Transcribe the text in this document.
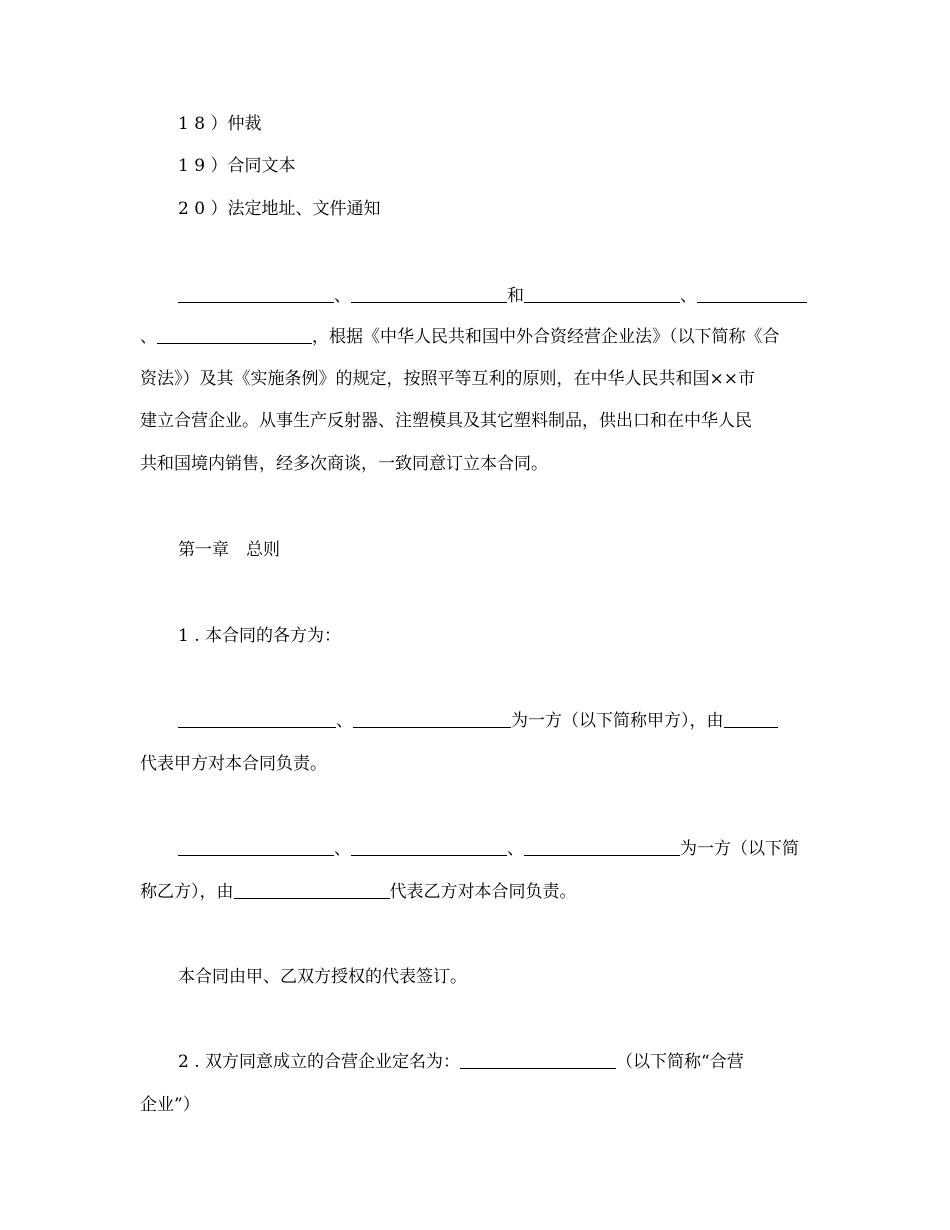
1 8 ）仲裁
1 9 ）合同文本
2 0 ）法定地址、文件通知
、	和	、
、	，根据《中华人民共和国中外合资经营企业法》（以下简称《合
资法》）及其《实施条例》的规定，按照平等互利的原则，在中华人民共和国××市
建立合营企业。从事生产反射器、注塑模具及其它塑料制品，供出口和在中华人民
共和国境内销售，经多次商谈，一致同意订立本合同。
第一章　总则
1 . 本合同的各方为：
、	为一方（以下简称甲方），由
代表甲方对本合同负责。
、	、	为一方（以下简
称乙方），由	代表乙方对本合同负责。
本合同由甲、乙双方授权的代表签订。
2 . 双方同意成立的合营企业定名为：	（以下简称“合营
企业”）
